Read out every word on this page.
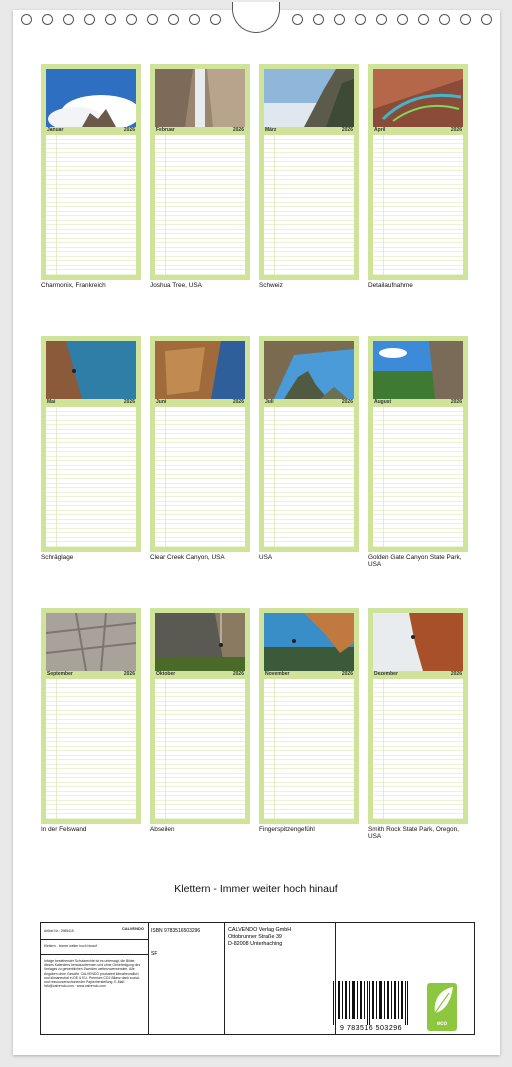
Januar	2026
Charmonix, Frankreich
Februar	2026
Joshua Tree, USA
März	2026
Schweiz
April	2026
Detailaufnahme
Mai	2026
Schräglage
Juni	2026
Clear Creek Canyon, USA
Juli	2026
USA
August	2026
Golden Gate Canyon State Park, USA
September	2026
In der Felswand
Oktober	2026
Abseilen
November	2026
Fingerspitzengefühl
Dezember	2026
Smith Rock State Park, Oregon, USA
Klettern - Immer weiter hoch hinauf
Artikel Nr.: 2985415	CALVENDO
Klettern - Immer weiter hoch hinauf
Infolge bestehender Schutzrechte ist es untersagt, die Bilder dieses Kalenders herauszutrennen und ohne Genehmigung des Verlages zu gewerblichen Zwecken weiterzuverwenden. Alle Angaben ohne Gewähr. CALVENDO produziert klimafreundlich und klimaneutral in DE & EU. Premium CO2-Bilanz dank sozial- und ressourcenschonender Papierherstellung. E-Mail: info@calvendo.com · www.calvendo.com
ISBN 9783516503296
SF
CALVENDO Verlag GmbH
Ottobrunner Straße 39
D-82008 Unterhaching
9 783516 503296
eco
